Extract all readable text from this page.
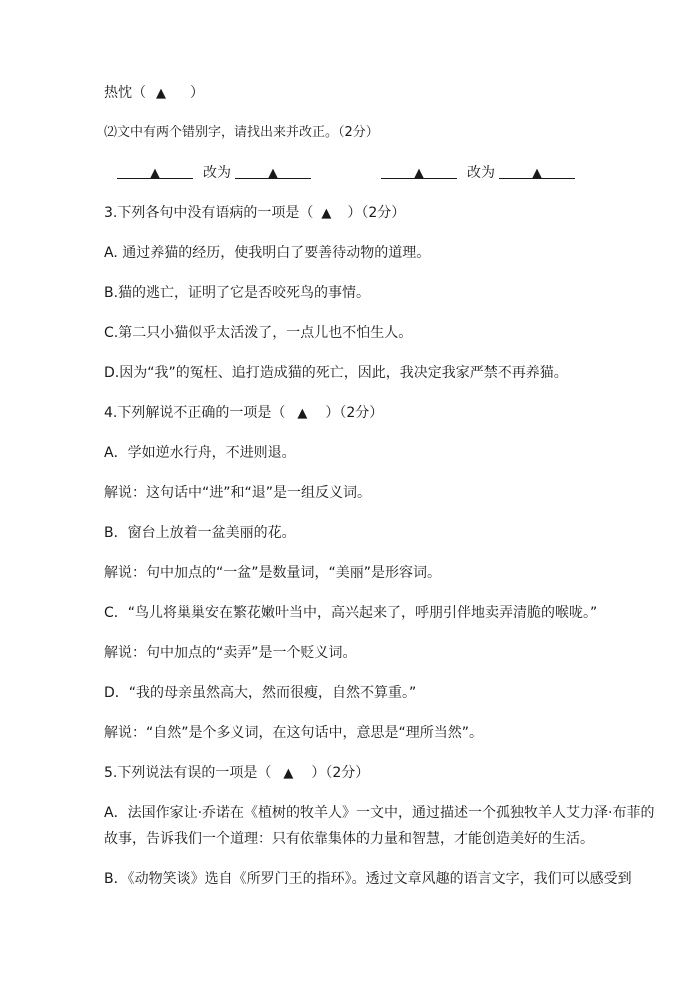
热忱（ ▲ ）
⑵文中有两个错别字，请找出来并改正。（2分）
▲	改为	▲	▲	改为	▲
3.下列各句中没有语病的一项是（ ▲ ）（2分）
A. 通过养猫的经历，使我明白了要善待动物的道理。
B.猫的逃亡，证明了它是否咬死鸟的事情。
C.第二只小猫似乎太活泼了，一点儿也不怕生人。
D.因为“我”的冤枉、追打造成猫的死亡，因此，我决定我家严禁不再养猫。
4.下列解说不正确的一项是（ ▲ ）（2分）
A．学如逆水行舟，不进则退。
解说：这句话中“进”和“退”是一组反义词。
B．窗台上放着一盆美丽的花。
解说：句中加点的“一盆”是数量词，“美丽”是形容词。
C．“鸟儿将巢巢安在繁花嫩叶当中，高兴起来了，呼朋引伴地卖弄清脆的喉咙。”
解说：句中加点的“卖弄”是一个贬义词。
D．“我的母亲虽然高大，然而很瘦，自然不算重。”
解说：“自然”是个多义词，在这句话中，意思是“理所当然”。
5.下列说法有误的一项是（ ▲ ）（2分）
A．法国作家让·乔诺在《植树的牧羊人》一文中，通过描述一个孤独牧羊人艾力泽·布菲的
故事，告诉我们一个道理：只有依靠集体的力量和智慧，才能创造美好的生活。
B．《动物笑谈》选自《所罗门王的指环》。透过文章风趣的语言文字，我们可以感受到
